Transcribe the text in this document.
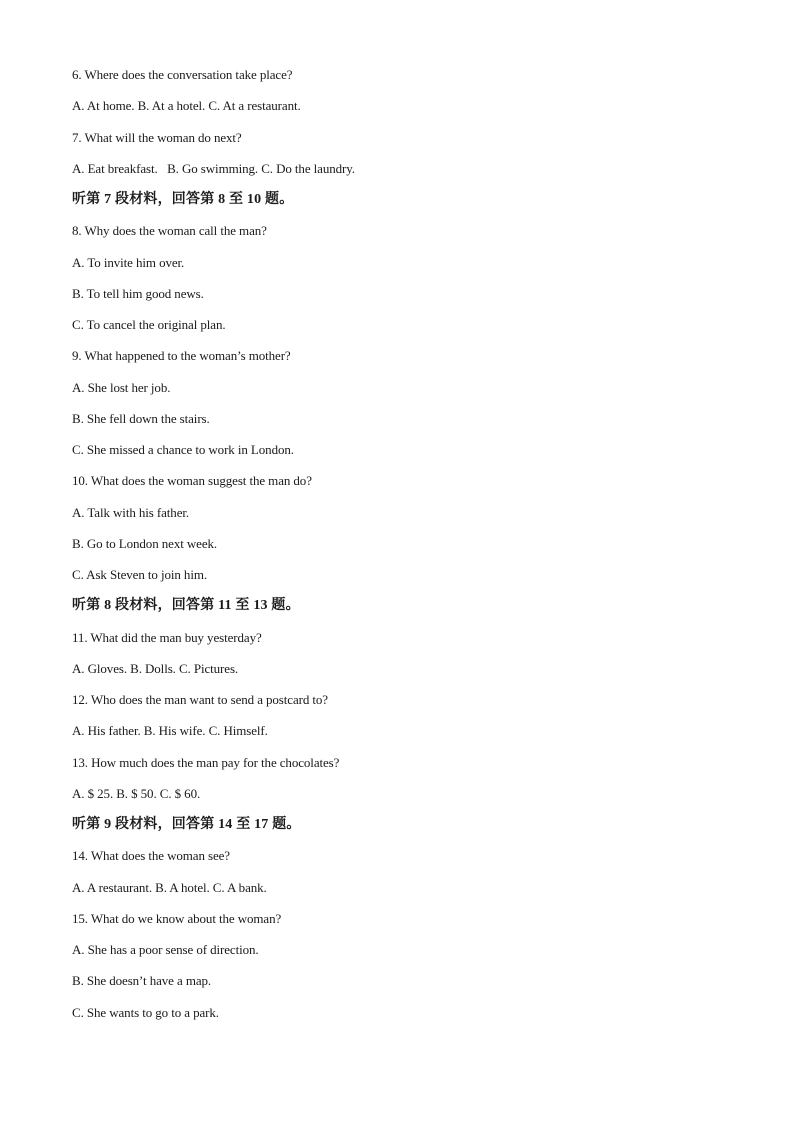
6. Where does the conversation take place?
A. At home. B. At a hotel. C. At a restaurant.
7. What will the woman do next?
A. Eat breakfast.   B. Go swimming. C. Do the laundry.
听第 7 段材料，回答第 8 至 10 题。
8. Why does the woman call the man?
A. To invite him over.
B. To tell him good news.
C. To cancel the original plan.
9. What happened to the woman’s mother?
A. She lost her job.
B. She fell down the stairs.
C. She missed a chance to work in London.
10. What does the woman suggest the man do?
A. Talk with his father.
B. Go to London next week.
C. Ask Steven to join him.
听第 8 段材料，回答第 11 至 13 题。
11. What did the man buy yesterday?
A. Gloves. B. Dolls. C. Pictures.
12. Who does the man want to send a postcard to?
A. His father. B. His wife. C. Himself.
13. How much does the man pay for the chocolates?
A. $ 25. B. $ 50. C. $ 60.
听第 9 段材料，回答第 14 至 17 题。
14. What does the woman see?
A. A restaurant. B. A hotel. C. A bank.
15. What do we know about the woman?
A. She has a poor sense of direction.
B. She doesn’t have a map.
C. She wants to go to a park.
